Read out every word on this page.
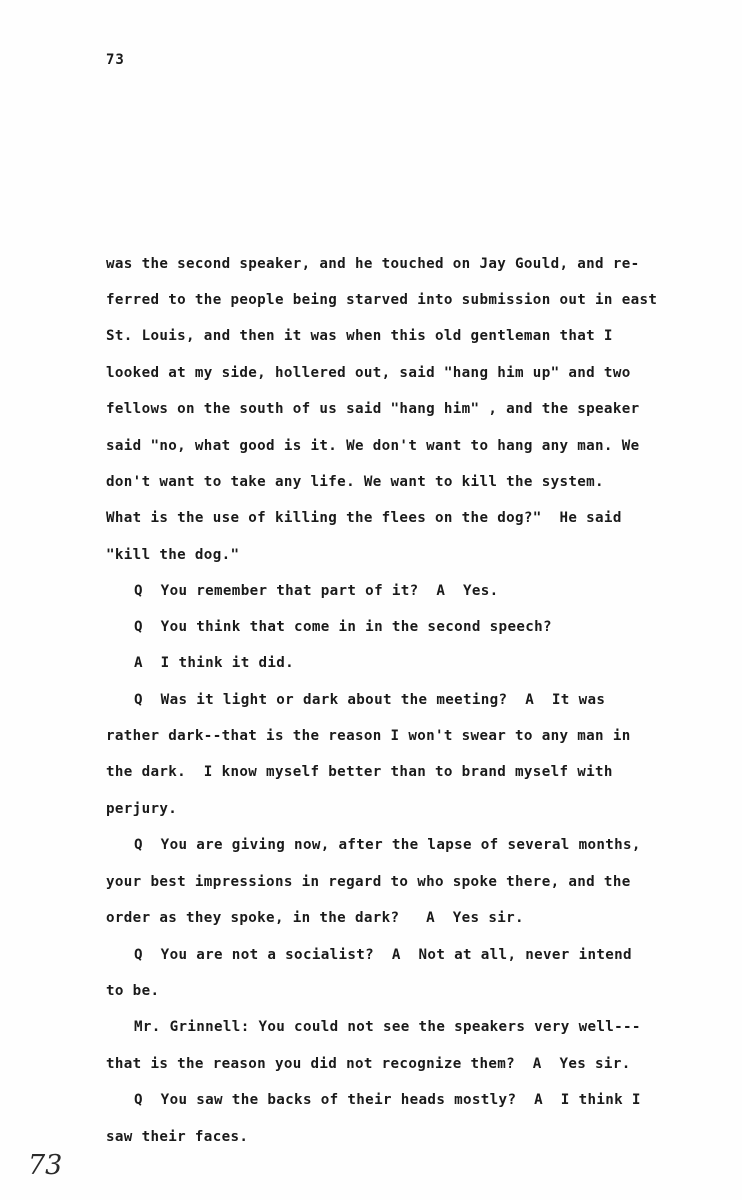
73
was the second speaker, and he touched on Jay Gould, and re-
ferred to the people being starved into submission out in east
St. Louis, and then it was when this old gentleman that I
looked at my side, hollered out, said "hang him up" and two
fellows on the south of us said "hang him" , and the speaker
said "no, what good is it. We don't want to hang any man. We
don't want to take any life. We want to kill the system.
What is the use of killing the flees on the dog?"  He said
"kill the dog."
Q  You remember that part of it?  A  Yes.
Q  You think that come in in the second speech?
A  I think it did.
Q  Was it light or dark about the meeting?  A  It was
rather dark--that is the reason I won't swear to any man in
the dark.  I know myself better than to brand myself with
perjury.
Q  You are giving now, after the lapse of several months,
your best impressions in regard to who spoke there, and the
order as they spoke, in the dark?   A  Yes sir.
Q  You are not a socialist?  A  Not at all, never intend
to be.
Mr. Grinnell: You could not see the speakers very well---
that is the reason you did not recognize them?  A  Yes sir.
Q  You saw the backs of their heads mostly?  A  I think I
saw their faces.
73
